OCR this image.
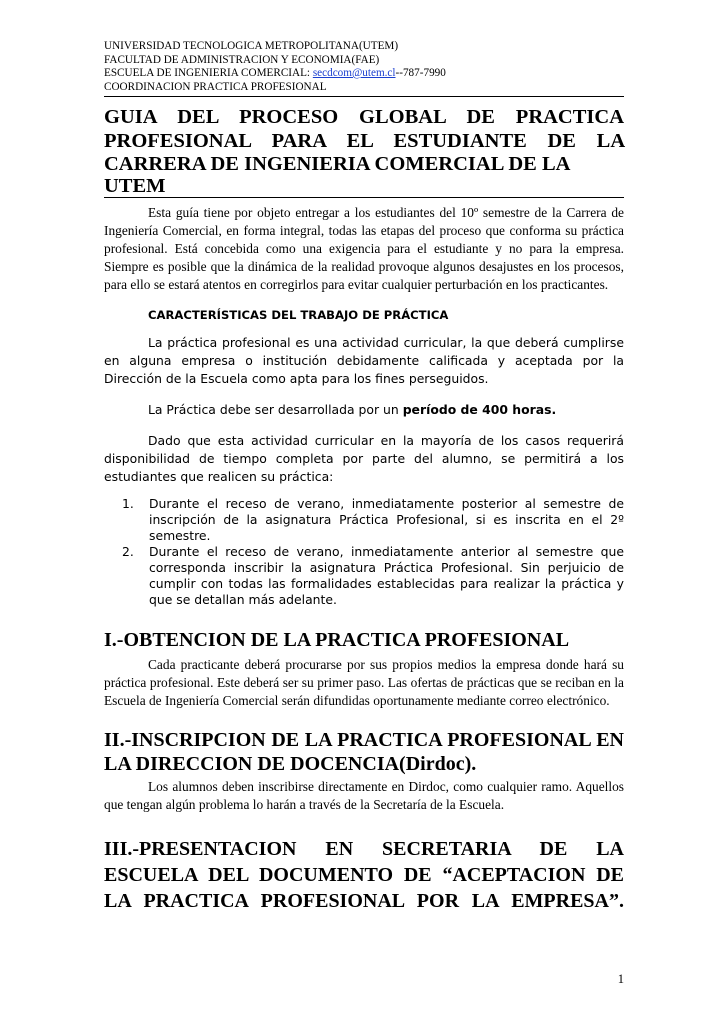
UNIVERSIDAD TECNOLOGICA METROPOLITANA(UTEM)
FACULTAD DE ADMINISTRACION Y ECONOMIA(FAE)
ESCUELA DE INGENIERIA COMERCIAL: secdcom@utem.cl--787-7990
COORDINACION PRACTICA PROFESIONAL
GUIA DEL PROCESO GLOBAL DE PRACTICA PROFESIONAL PARA EL ESTUDIANTE DE LA CARRERA DE INGENIERIA COMERCIAL DE LA UTEM

Esta guía tiene por objeto entregar a los estudiantes del 10º semestre de la Carrera de Ingeniería Comercial, en forma integral, todas las etapas del proceso que conforma su práctica profesional. Está concebida como una exigencia para el estudiante y no para la empresa. Siempre es posible que la dinámica de la realidad provoque algunos desajustes en los procesos, para ello se estará atentos en corregirlos para evitar cualquier perturbación en los practicantes.

CARACTERÍSTICAS DEL TRABAJO DE PRÁCTICA

La práctica profesional es una actividad curricular, la que deberá cumplirse en alguna empresa o institución debidamente calificada y aceptada por la Dirección de la Escuela como apta para los fines perseguidos.

La Práctica debe ser desarrollada por un período de 400 horas.

Dado que esta actividad curricular en la mayoría de los casos requerirá disponibilidad de tiempo completa por parte del alumno, se permitirá a los estudiantes que realicen su práctica:

1. Durante el receso de verano, inmediatamente posterior al semestre de inscripción de la asignatura Práctica Profesional, si es inscrita en el 2º semestre.
2. Durante el receso de verano, inmediatamente anterior al semestre que corresponda inscribir la asignatura Práctica Profesional. Sin perjuicio de cumplir con todas las formalidades establecidas para realizar la práctica y que se detallan más adelante.
I.-OBTENCION DE LA PRACTICA PROFESIONAL

Cada practicante deberá procurarse por sus propios medios la empresa donde hará su práctica profesional. Este deberá ser su primer paso. Las ofertas de prácticas que se reciban en la Escuela de Ingeniería Comercial serán difundidas oportunamente mediante correo electrónico.

II.-INSCRIPCION DE LA PRACTICA PROFESIONAL EN LA DIRECCION DE DOCENCIA(Dirdoc).

Los alumnos deben inscribirse directamente en Dirdoc, como cualquier ramo. Aquellos que tengan algún problema lo harán a través de la Secretaría de la Escuela.

III.-PRESENTACION EN SECRETARIA DE LA ESCUELA DEL DOCUMENTO DE “ACEPTACION DE LA PRACTICA PROFESIONAL POR LA EMPRESA”.
1
